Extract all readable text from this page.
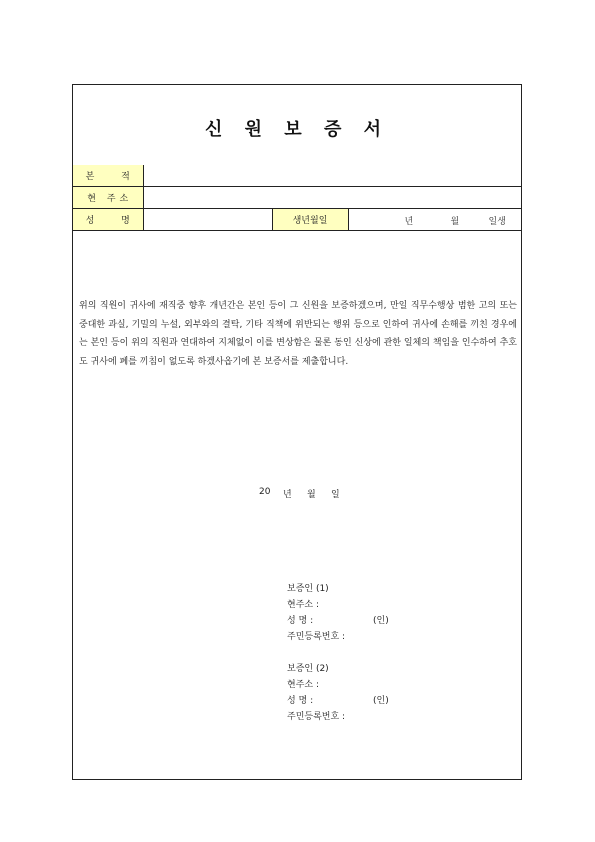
신 원 보 증 서
본 적			
현 주소			
성 명		생년월일	년 월 일생
위의 직원이 귀사에 재직중 향후 개년간은 본인 등이 그 신원을 보증하겠으며, 만일 직무수행상 범한 고의 또는 중대한 과실, 기밀의 누설, 외부와의 결탁, 기타 직책에 위반되는 행위 등으로 인하여 귀사에 손해를 끼친 경우에는 본인 등이 위의 직원과 연대하여 지체없이 이를 변상함은 물론 동인 신상에 관한 일체의 책임을 인수하여 추호도 귀사에 폐를 끼침이 없도록 하겠사옵기에 본 보증서를 제출합니다.
20 년 월 일
보증인 (1)
현주소 :
성 명 :	(인)
주민등록번호 :
보증인 (2)
현주소 :
성 명 :	(인)
주민등록번호 :
